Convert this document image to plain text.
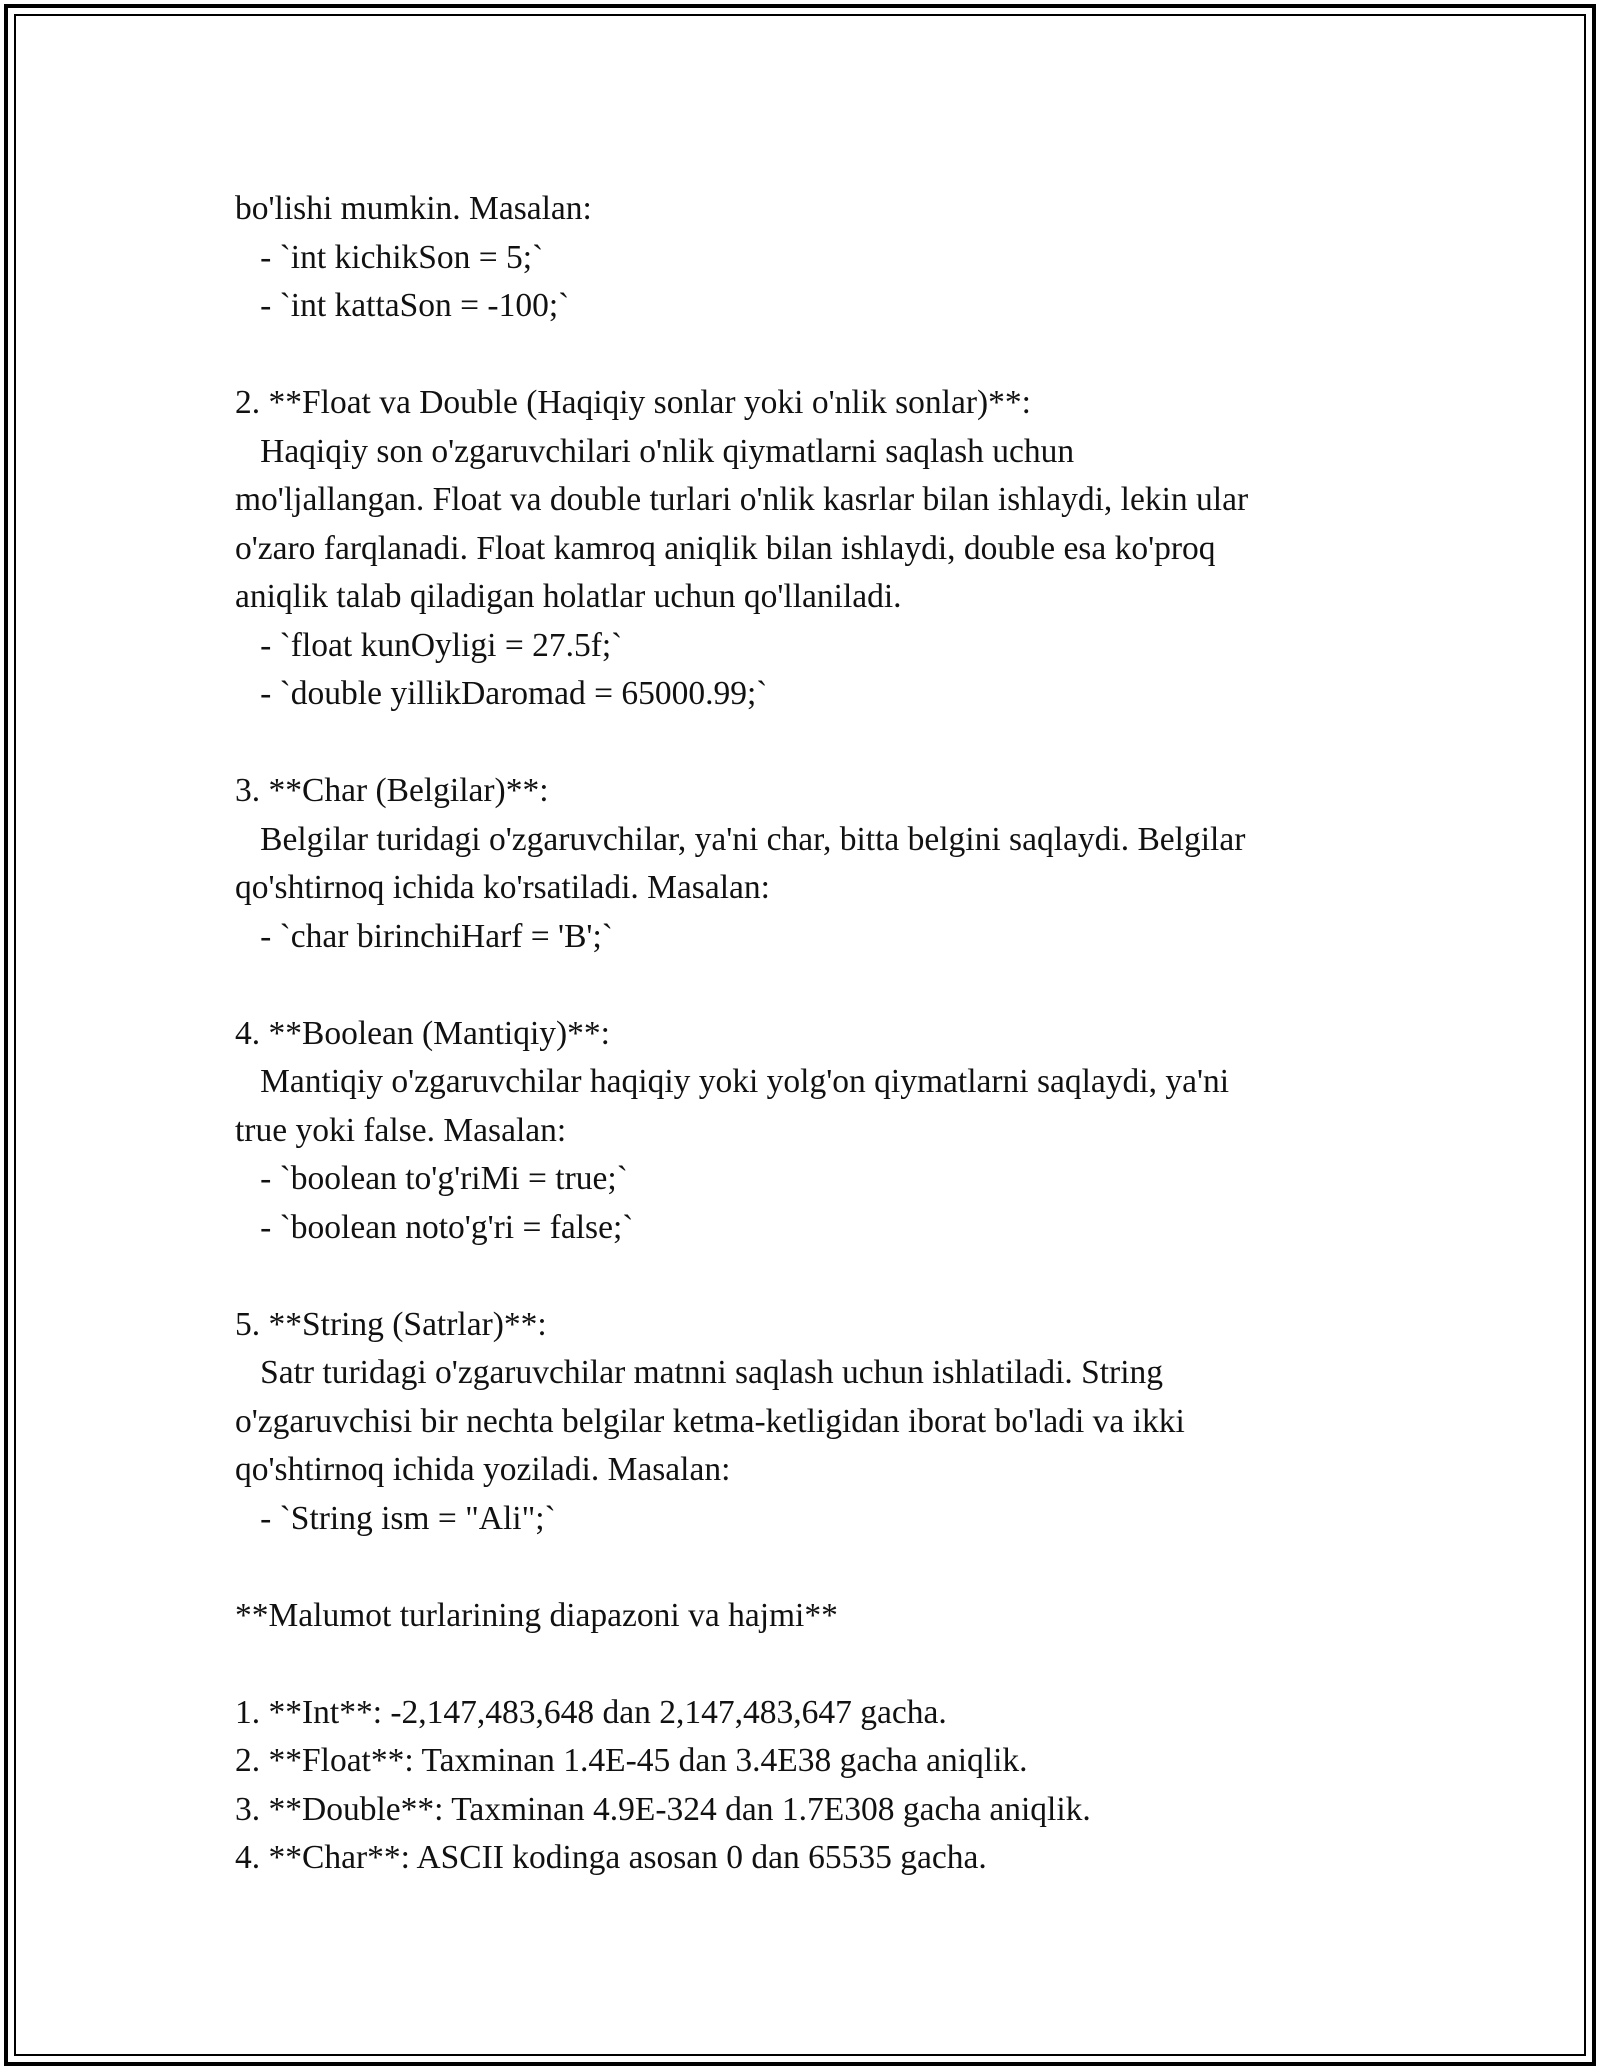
bo'lishi mumkin. Masalan:
- `int kichikSon = 5;`
- `int kattaSon = -100;`
2. **Float va Double (Haqiqiy sonlar yoki o'nlik sonlar)**:
Haqiqiy son o'zgaruvchilari o'nlik qiymatlarni saqlash uchun
mo'ljallangan. Float va double turlari o'nlik kasrlar bilan ishlaydi, lekin ular
o'zaro farqlanadi. Float kamroq aniqlik bilan ishlaydi, double esa ko'proq
aniqlik talab qiladigan holatlar uchun qo'llaniladi.
- `float kunOyligi = 27.5f;`
- `double yillikDaromad = 65000.99;`
3. **Char (Belgilar)**:
Belgilar turidagi o'zgaruvchilar, ya'ni char, bitta belgini saqlaydi. Belgilar
qo'shtirnoq ichida ko'rsatiladi. Masalan:
- `char birinchiHarf = 'B';`
4. **Boolean (Mantiqiy)**:
Mantiqiy o'zgaruvchilar haqiqiy yoki yolg'on qiymatlarni saqlaydi, ya'ni
true yoki false. Masalan:
- `boolean to'g'riMi = true;`
- `boolean noto'g'ri = false;`
5. **String (Satrlar)**:
Satr turidagi o'zgaruvchilar matnni saqlash uchun ishlatiladi. String
o'zgaruvchisi bir nechta belgilar ketma-ketligidan iborat bo'ladi va ikki
qo'shtirnoq ichida yoziladi. Masalan:
- `String ism = "Ali";`
**Malumot turlarining diapazoni va hajmi**
1. **Int**: -2,147,483,648 dan 2,147,483,647 gacha.
2. **Float**: Taxminan 1.4E-45 dan 3.4E38 gacha aniqlik.
3. **Double**: Taxminan 4.9E-324 dan 1.7E308 gacha aniqlik.
4. **Char**: ASCII kodinga asosan 0 dan 65535 gacha.
